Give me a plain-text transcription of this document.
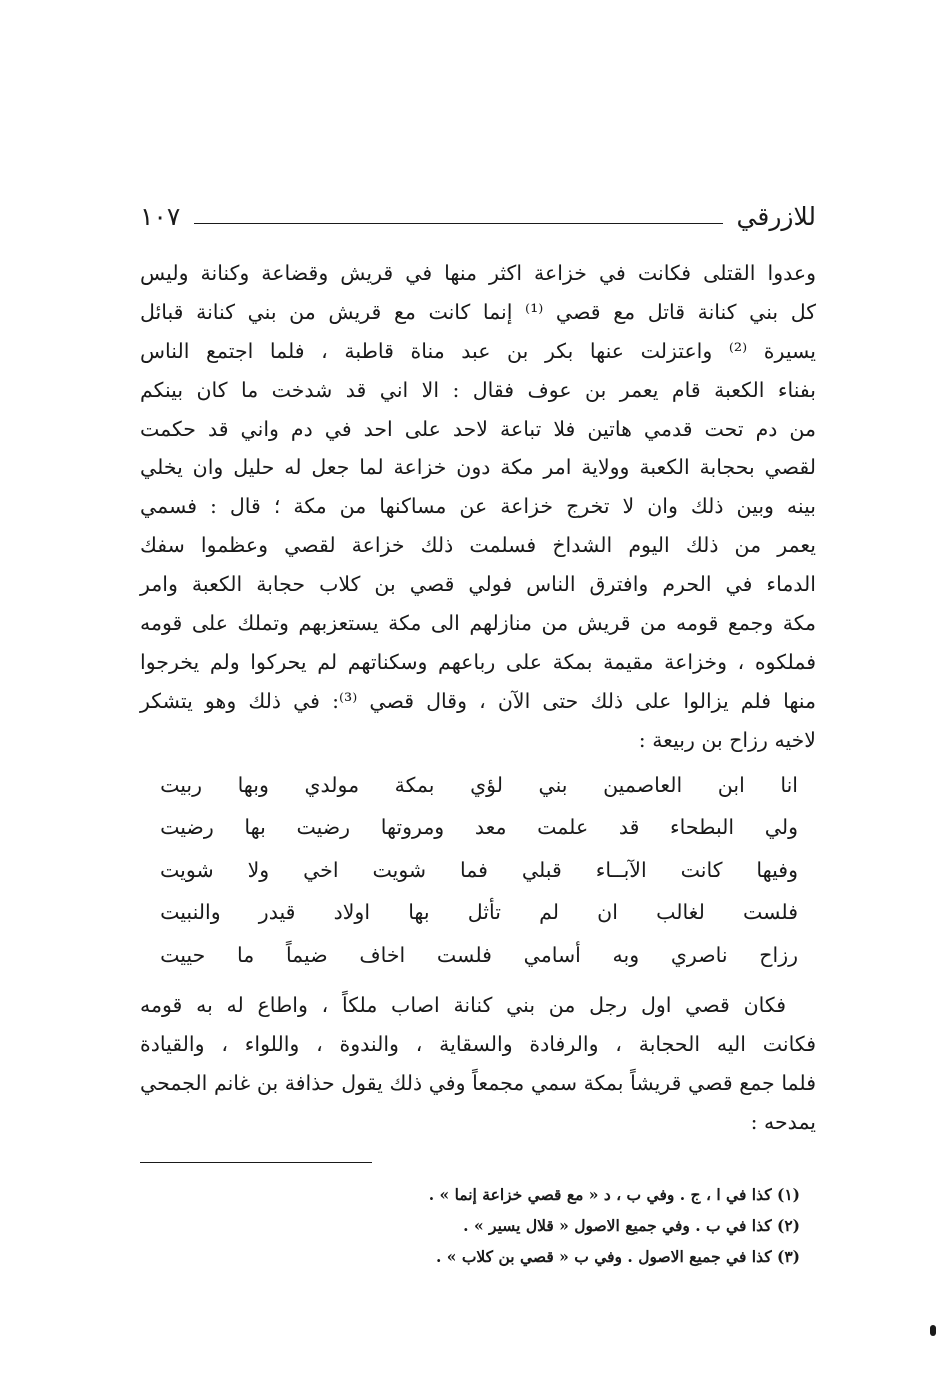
للازرقي
١٠٧
وعدوا القتلى فكانت في خزاعة اكثر منها في قريش وقضاعة وكنانة وليس
كل بني كنانة قاتل مع قصي ⁽¹⁾ إنما كانت مع قريش من بني كنانة قبائل
يسيرة ⁽²⁾ واعتزلت عنها بكر بن عبد مناة قاطبة ، فلما اجتمع الناس
بفناء الكعبة قام يعمر بن عوف فقال : الا اني قد شدخت ما كان بينكم
من دم تحت قدمي هاتين فلا تباعة لاحد على احد في دم واني قد حكمت
لقصي بحجابة الكعبة وولاية امر مكة دون خزاعة لما جعل له حليل وان يخلي
بينه وبين ذلك وان لا تخرج خزاعة عن مساكنها من مكة ؛ قال : فسمي
يعمر من ذلك اليوم الشداخ فسلمت ذلك خزاعة لقصي وعظموا سفك
الدماء في الحرم وافترق الناس فولي قصي بن كلاب حجابة الكعبة وامر
مكة وجمع قومه من قريش من منازلهم الى مكة يستعزبهم وتملك على قومه
فملكوه ، وخزاعة مقيمة بمكة على رباعهم وسكناتهم لم يحركوا ولم يخرجوا
منها فلم يزالوا على ذلك حتى الآن ، وقال قصي ⁽³⁾: في ذلك وهو يتشكر
لاخيه رزاح بن ربيعة :
انا
ابن
العاصمين
بني
لؤي
بمكة
مولدي
وبها
ربيت
ولي
البطحاء
قد
علمت
معد
ومروتها
رضيت
بها
رضيت
وفيها
كانت
الآبــاء
قبلي
فما
شويت
اخي
ولا
شويت
فلست
لغالب
ان
لم
تأثل
بها
اولاد
قيدر
والنبيت
رزاح
ناصري
وبه
أسامي
فلست
اخاف
ضيماً
ما
حييت
فكان قصي اول رجل من بني كنانة اصاب ملكاً ، واطاع له به قومه
فكانت اليه الحجابة ، والرفادة والسقاية ، والندوة ، واللواء ، والقيادة
فلما جمع قصي قريشاً بمكة سمي مجمعاً وفي ذلك يقول حذافة بن غانم الجمحي
يمدحه :
(١) كذا في ا ، ج . وفي ب ، د « مع قصي خزاعة إنما » .
(٢) كذا في ب . وفي جميع الاصول « قلال يسير » .
(٣) كذا في جميع الاصول . وفي ب « قصي بن كلاب » .
